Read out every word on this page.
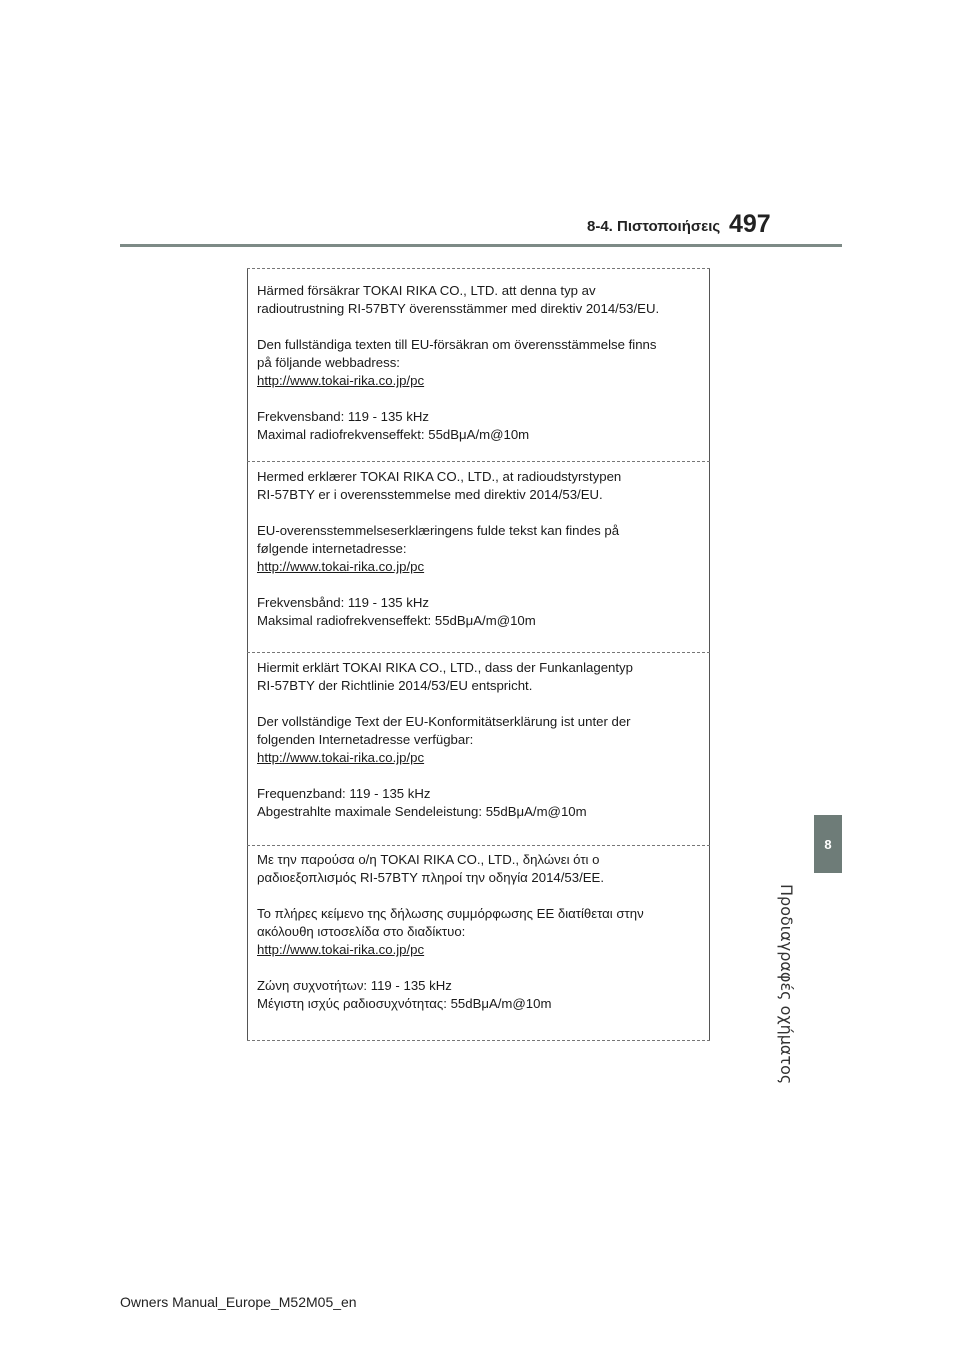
8-4. Πιστοποιήσεις 497
8
Προδιαγραφές οχήματος

Härmed försäkrar TOKAI RIKA CO., LTD. att denna typ av

radioutrustning RI-57BTY överensstämmer med direktiv 2014/53/EU.

Den fullständiga texten till EU-försäkran om överensstämmelse finns

på följande webbadress:

http://www.tokai-rika.co.jp/pc

Frekvensband: 119 - 135 kHz

Maximal radiofrekvenseffekt: 55dBμA/m@10m

Hermed erklærer TOKAI RIKA CO., LTD., at radioudstyrstypen

RI-57BTY er i overensstemmelse med direktiv 2014/53/EU.

EU-overensstemmelseserklæringens fulde tekst kan findes på

følgende internetadresse:

http://www.tokai-rika.co.jp/pc

Frekvensbånd: 119 - 135 kHz

Maksimal radiofrekvenseffekt: 55dBμA/m@10m

Hiermit erklärt TOKAI RIKA CO., LTD., dass der Funkanlagentyp

RI-57BTY der Richtlinie 2014/53/EU entspricht.

Der vollständige Text der EU-Konformitätserklärung ist unter der

folgenden Internetadresse verfügbar:

http://www.tokai-rika.co.jp/pc

Frequenzband: 119 - 135 kHz

Abgestrahlte maximale Sendeleistung: 55dBμA/m@10m

Με την παρούσα ο/η TOKAI RIKA CO., LTD., δηλώνει ότι ο

ραδιοεξοπλισμός RI-57BTY πληροί την οδηγία 2014/53/ΕΕ.

Το πλήρες κείμενο της δήλωσης συμμόρφωσης ΕΕ διατίθεται στην

ακόλουθη ιστοσελίδα στο διαδίκτυο:

http://www.tokai-rika.co.jp/pc

Ζώνη συχνοτήτων: 119 - 135 kHz

Μέγιστη ισχύς ραδιοσυχνότητας: 55dBμA/m@10m

Owners Manual_Europe_M52M05_en
